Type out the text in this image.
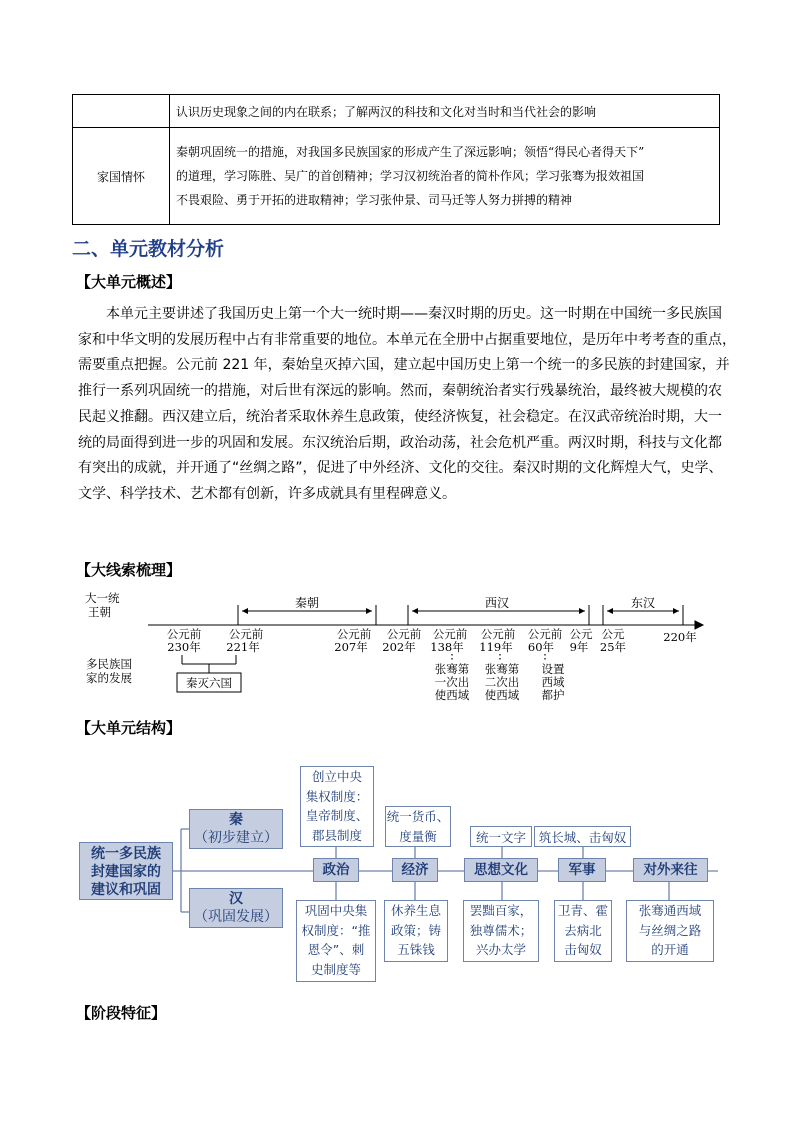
	认识历史现象之间的内在联系；了解两汉的科技和文化对当时和当代社会的影响
家国情怀	秦朝巩固统一的措施，对我国多民族国家的形成产生了深远影响；领悟“得民心者得天下”
的道理，学习陈胜、吴广的首创精神；学习汉初统治者的简朴作风；学习张骞为报效祖国
不畏艰险、勇于开拓的进取精神；学习张仲景、司马迁等人努力拼搏的精神
二、单元教材分析
【大单元概述】
本单元主要讲述了我国历史上第一个大一统时期——秦汉时期的历史。这一时期在中国统一多民族国
家和中华文明的发展历程中占有非常重要的地位。本单元在全册中占据重要地位，是历年中考考查的重点，
需要重点把握。公元前 221 年，秦始皇灭掉六国，建立起中国历史上第一个统一的多民族的封建国家，并
推行一系列巩固统一的措施，对后世有深远的影响。然而，秦朝统治者实行残暴统治，最终被大规模的农
民起义推翻。西汉建立后，统治者采取休养生息政策，使经济恢复，社会稳定。在汉武帝统治时期，大一
统的局面得到进一步的巩固和发展。东汉统治后期，政治动荡，社会危机严重。两汉时期，科技与文化都
有突出的成就，并开通了“丝绸之路”，促进了中外经济、文化的交往。秦汉时期的文化辉煌大气，史学、
文学、科学技术、艺术都有创新，许多成就具有里程碑意义。
【大线索梳理】
大一统
王朝
多民族国
家的发展
秦朝	西汉	东汉
公元前
230年
公元前
221年
公元前
207年
公元前
202年
公元前
138年
公元前
119年
公元前
60年
公元
9年
公元
25年
220年
秦灭六国
张骞第
一次出
使西域
张骞第
二次出
使西域
设置
西域
都护
【大单元结构】
统一多民族
封建国家的
建议和巩固
秦
（初步建立）
汉
（巩固发展）
创立中央
集权制度：
皇帝制度、
郡县制度
统一货币、
度量衡	统一文字	筑长城、击匈奴
政治	经济	思想文化	军事	对外来往
巩固中央集
权制度：“推
恩令”、刺
史制度等
休养生息
政策；铸
五铢钱
罢黜百家，
独尊儒术；
兴办太学
卫青、霍
去病北
击匈奴
张骞通西域
与丝绸之路
的开通
【阶段特征】
